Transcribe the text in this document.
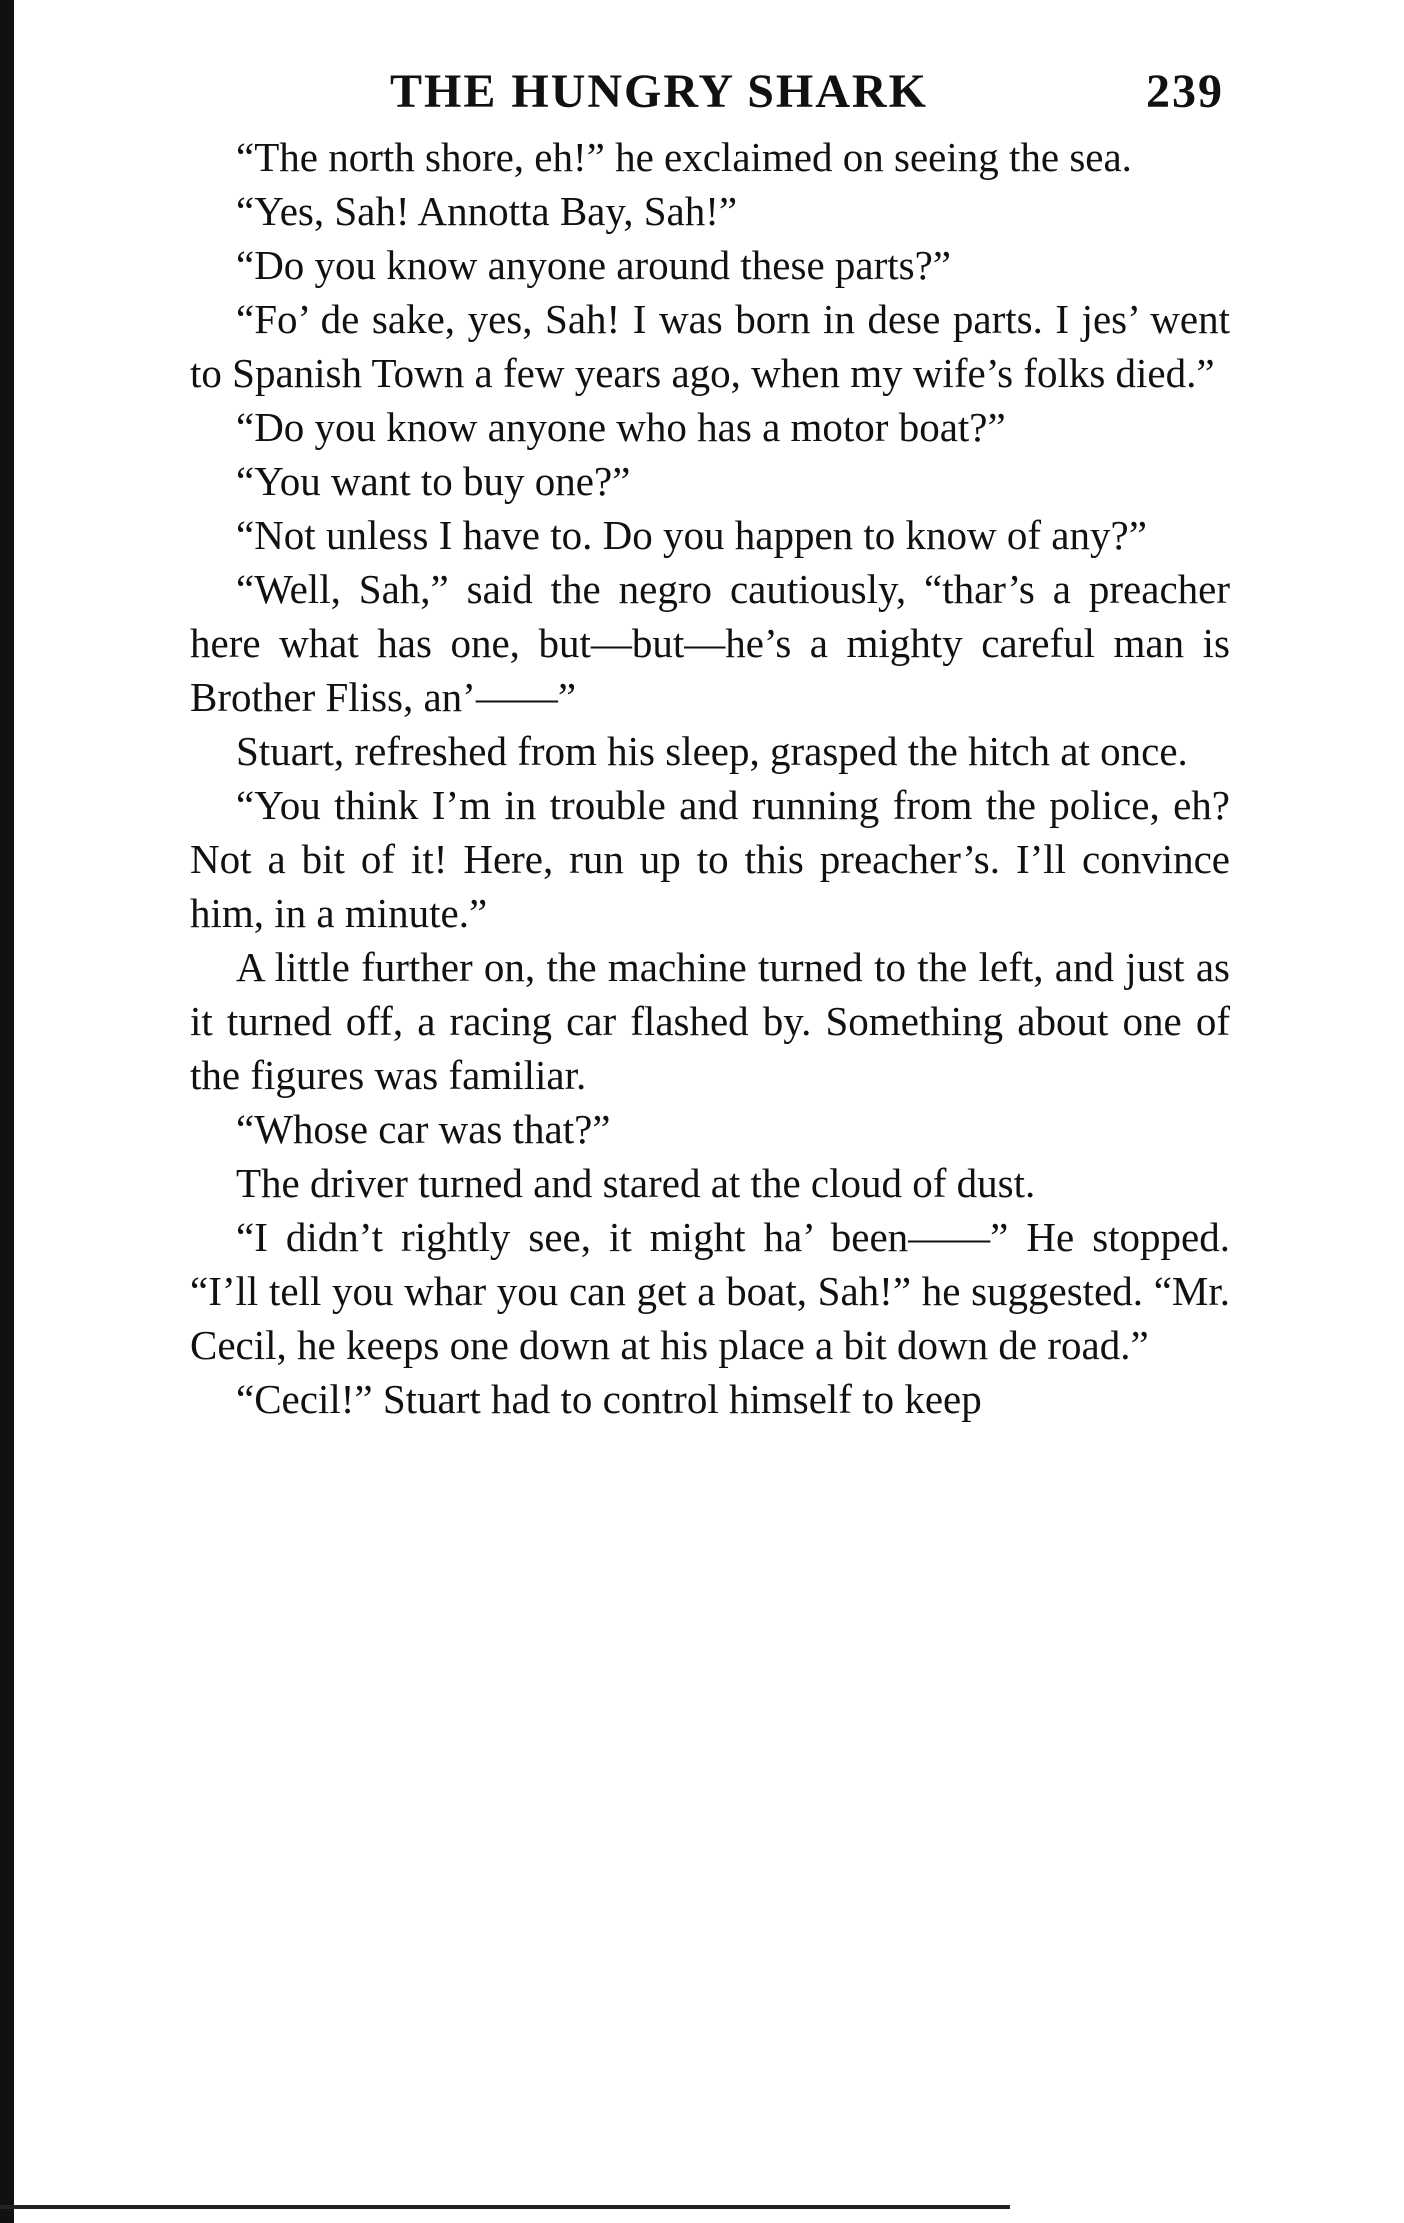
THE HUNGRY SHARK	239

“The north shore, eh!” he exclaimed on seeing the sea.

“Yes, Sah! Annotta Bay, Sah!”

“Do you know anyone around these parts?”

“Fo’ de sake, yes, Sah! I was born in dese parts. I jes’ went to Spanish Town a few years ago, when my wife’s folks died.”

“Do you know anyone who has a motor boat?”

“You want to buy one?”

“Not unless I have to. Do you happen to know of any?”

“Well, Sah,” said the negro cautiously, “thar’s a preacher here what has one, but—but—he’s a mighty careful man is Brother Fliss, an’——”

Stuart, refreshed from his sleep, grasped the hitch at once.

“You think I’m in trouble and running from the police, eh? Not a bit of it! Here, run up to this preacher’s. I’ll convince him, in a minute.”

A little further on, the machine turned to the left, and just as it turned off, a racing car flashed by. Something about one of the figures was familiar.

“Whose car was that?”

The driver turned and stared at the cloud of dust.

“I didn’t rightly see, it might ha’ been——” He stopped. “I’ll tell you whar you can get a boat, Sah!” he suggested. “Mr. Cecil, he keeps one down at his place a bit down de road.”

“Cecil!” Stuart had to control himself to keep
